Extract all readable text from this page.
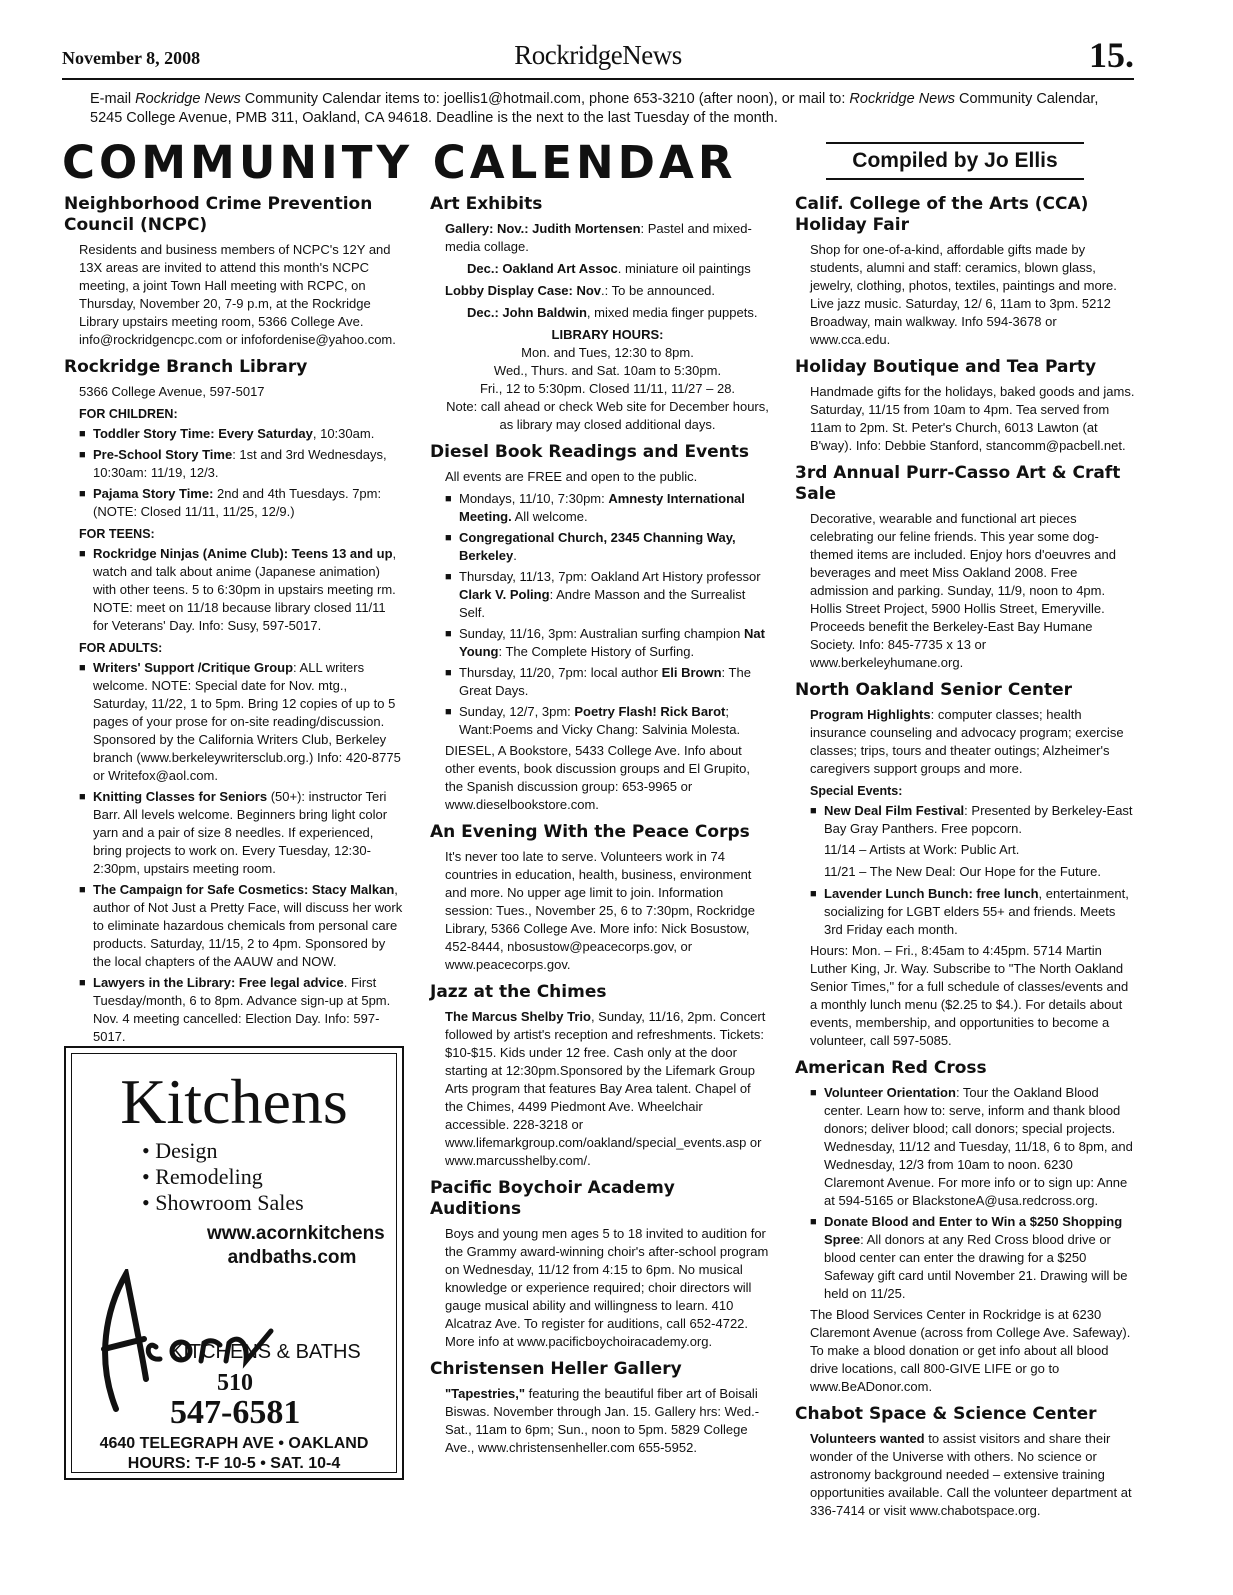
November 8, 2008	RockridgeNews	15.
E-mail Rockridge News Community Calendar items to: joellis1@hotmail.com, phone 653-3210 (after noon), or mail to: Rockridge News Community Calendar, 5245 College Avenue, PMB 311, Oakland, CA 94618. Deadline is the next to the last Tuesday of the month.
COMMUNITY CALENDAR	Compiled by Jo Ellis
Neighborhood Crime Prevention Council (NCPC)

Residents and business members of NCPC's 12Y and 13X areas are invited to attend this month's NCPC meeting, a joint Town Hall meeting with RCPC, on Thursday, November 20, 7-9 p.m, at the Rockridge Library upstairs meeting room, 5366 College Ave. info@rockridgencpc.com or infofordenise@yahoo.com.

Rockridge Branch Library

5366 College Avenue, 597-5017

FOR CHILDREN:
■ Toddler Story Time: Every Saturday, 10:30am.
■ Pre-School Story Time: 1st and 3rd Wednesdays, 10:30am: 11/19, 12/3.
■ Pajama Story Time: 2nd and 4th Tuesdays. 7pm: (NOTE: Closed 11/11, 11/25, 12/9.)
FOR TEENS:
■ Rockridge Ninjas (Anime Club): Teens 13 and up, watch and talk about anime (Japanese animation) with other teens. 5 to 6:30pm in upstairs meeting rm. NOTE: meet on 11/18 because library closed 11/11 for Veterans' Day. Info: Susy, 597-5017.
FOR ADULTS:
■ Writers' Support /Critique Group: ALL writers welcome. NOTE: Special date for Nov. mtg., Saturday, 11/22, 1 to 5pm. Bring 12 copies of up to 5 pages of your prose for on-site reading/discussion. Sponsored by the California Writers Club, Berkeley branch (www.berkeleywritersclub.org.) Info: 420-8775 or Writefox@aol.com.
■ Knitting Classes for Seniors (50+): instructor Teri Barr. All levels welcome. Beginners bring light color yarn and a pair of size 8 needles. If experienced, bring projects to work on. Every Tuesday, 12:30-2:30pm, upstairs meeting room.
■ The Campaign for Safe Cosmetics: Stacy Malkan, author of Not Just a Pretty Face, will discuss her work to eliminate hazardous chemicals from personal care products. Saturday, 11/15, 2 to 4pm. Sponsored by the local chapters of the AAUW and NOW.
■ Lawyers in the Library: Free legal advice. First Tuesday/month, 6 to 8pm. Advance sign-up at 5pm. Nov. 4 meeting cancelled: Election Day. Info: 597-5017.
Kitchens
• Design
• Remodeling
• Showroom Sales
www.acornkitchens
andbaths.com
KITCHENS & BATHS
510
547-6581
4640 TELEGRAPH AVE • OAKLAND
HOURS: T-F 10-5 • SAT. 10-4
Art Exhibits

Gallery: Nov.: Judith Mortensen: Pastel and mixed-media collage.

Dec.: Oakland Art Assoc. miniature oil paintings

Lobby Display Case: Nov.: To be announced.

Dec.: John Baldwin, mixed media finger puppets.

LIBRARY HOURS:
Mon. and Tues, 12:30 to 8pm.
Wed., Thurs. and Sat. 10am to 5:30pm.
Fri., 12 to 5:30pm. Closed 11/11, 11/27 – 28.
Note: call ahead or check Web site for December hours, as library may closed additional days.
Diesel Book Readings and Events

All events are FREE and open to the public.

■ Mondays, 11/10, 7:30pm: Amnesty International Meeting. All welcome.
■ Congregational Church, 2345 Channing Way, Berkeley.
■ Thursday, 11/13, 7pm: Oakland Art History professor Clark V. Poling: Andre Masson and the Surrealist Self.
■ Sunday, 11/16, 3pm: Australian surfing champion Nat Young: The Complete History of Surfing.
■ Thursday, 11/20, 7pm: local author Eli Brown: The Great Days.
■ Sunday, 12/7, 3pm: Poetry Flash! Rick Barot; Want:Poems and Vicky Chang: Salvinia Molesta.

DIESEL, A Bookstore, 5433 College Ave. Info about other events, book discussion groups and El Grupito, the Spanish discussion group: 653-9965 or www.dieselbookstore.com.

An Evening With the Peace Corps

It's never too late to serve. Volunteers work in 74 countries in education, health, business, environment and more. No upper age limit to join. Information session: Tues., November 25, 6 to 7:30pm, Rockridge Library, 5366 College Ave. More info: Nick Bosustow, 452-8444, nbosustow@peacecorps.gov, or www.peacecorps.gov.

Jazz at the Chimes

The Marcus Shelby Trio, Sunday, 11/16, 2pm. Concert followed by artist's reception and refreshments. Tickets: $10-$15. Kids under 12 free. Cash only at the door starting at 12:30pm.Sponsored by the Lifemark Group Arts program that features Bay Area talent. Chapel of the Chimes, 4499 Piedmont Ave. Wheelchair accessible. 228-3218 or www.lifemarkgroup.com/oakland/special_events.asp or www.marcusshelby.com/.

Pacific Boychoir Academy Auditions

Boys and young men ages 5 to 18 invited to audition for the Grammy award-winning choir's after-school program on Wednesday, 11/12 from 4:15 to 6pm. No musical knowledge or experience required; choir directors will gauge musical ability and willingness to learn. 410 Alcatraz Ave. To register for auditions, call 652-4722. More info at www.pacificboychoiracademy.org.

Christensen Heller Gallery

"Tapestries," featuring the beautiful fiber art of Boisali Biswas. November through Jan. 15. Gallery hrs: Wed.-Sat., 11am to 6pm; Sun., noon to 5pm. 5829 College Ave., www.christensenheller.com 655-5952.

Calif. College of the Arts (CCA) Holiday Fair

Shop for one-of-a-kind, affordable gifts made by students, alumni and staff: ceramics, blown glass, jewelry, clothing, photos, textiles, paintings and more. Live jazz music. Saturday, 12/ 6, 11am to 3pm. 5212 Broadway, main walkway. Info 594-3678 or www.cca.edu.

Holiday Boutique and Tea Party

Handmade gifts for the holidays, baked goods and jams. Saturday, 11/15 from 10am to 4pm. Tea served from 11am to 2pm. St. Peter's Church, 6013 Lawton (at B'way). Info: Debbie Stanford, stancomm@pacbell.net.

3rd Annual Purr-Casso Art & Craft Sale

Decorative, wearable and functional art pieces celebrating our feline friends. This year some dog-themed items are included. Enjoy hors d'oeuvres and beverages and meet Miss Oakland 2008. Free admission and parking. Sunday, 11/9, noon to 4pm. Hollis Street Project, 5900 Hollis Street, Emeryville. Proceeds benefit the Berkeley-East Bay Humane Society. Info: 845-7735 x 13 or www.berkeleyhumane.org.

North Oakland Senior Center

Program Highlights: computer classes; health insurance counseling and advocacy program; exercise classes; trips, tours and theater outings; Alzheimer's caregivers support groups and more.

Special Events:
■ New Deal Film Festival: Presented by Berkeley-East Bay Gray Panthers. Free popcorn.

11/14 – Artists at Work: Public Art.

11/21 – The New Deal: Our Hope for the Future.

■ Lavender Lunch Bunch: free lunch, entertainment, socializing for LGBT elders 55+ and friends. Meets 3rd Friday each month.

Hours: Mon. – Fri., 8:45am to 4:45pm. 5714 Martin Luther King, Jr. Way. Subscribe to "The North Oakland Senior Times," for a full schedule of classes/events and a monthly lunch menu ($2.25 to $4.). For details about events, membership, and opportunities to become a volunteer, call 597-5085.

American Red Cross
■ Volunteer Orientation: Tour the Oakland Blood center. Learn how to: serve, inform and thank blood donors; deliver blood; call donors; special projects. Wednesday, 11/12 and Tuesday, 11/18, 6 to 8pm, and Wednesday, 12/3 from 10am to noon. 6230 Claremont Avenue. For more info or to sign up: Anne at 594-5165 or BlackstoneA@usa.redcross.org.
■ Donate Blood and Enter to Win a $250 Shopping Spree: All donors at any Red Cross blood drive or blood center can enter the drawing for a $250 Safeway gift card until November 21. Drawing will be held on 11/25.

The Blood Services Center in Rockridge is at 6230 Claremont Avenue (across from College Ave. Safeway). To make a blood donation or get info about all blood drive locations, call 800-GIVE LIFE or go to www.BeADonor.com.

Chabot Space & Science Center

Volunteers wanted to assist visitors and share their wonder of the Universe with others. No science or astronomy background needed – extensive training opportunities available. Call the volunteer department at 336-7414 or visit www.chabotspace.org.
